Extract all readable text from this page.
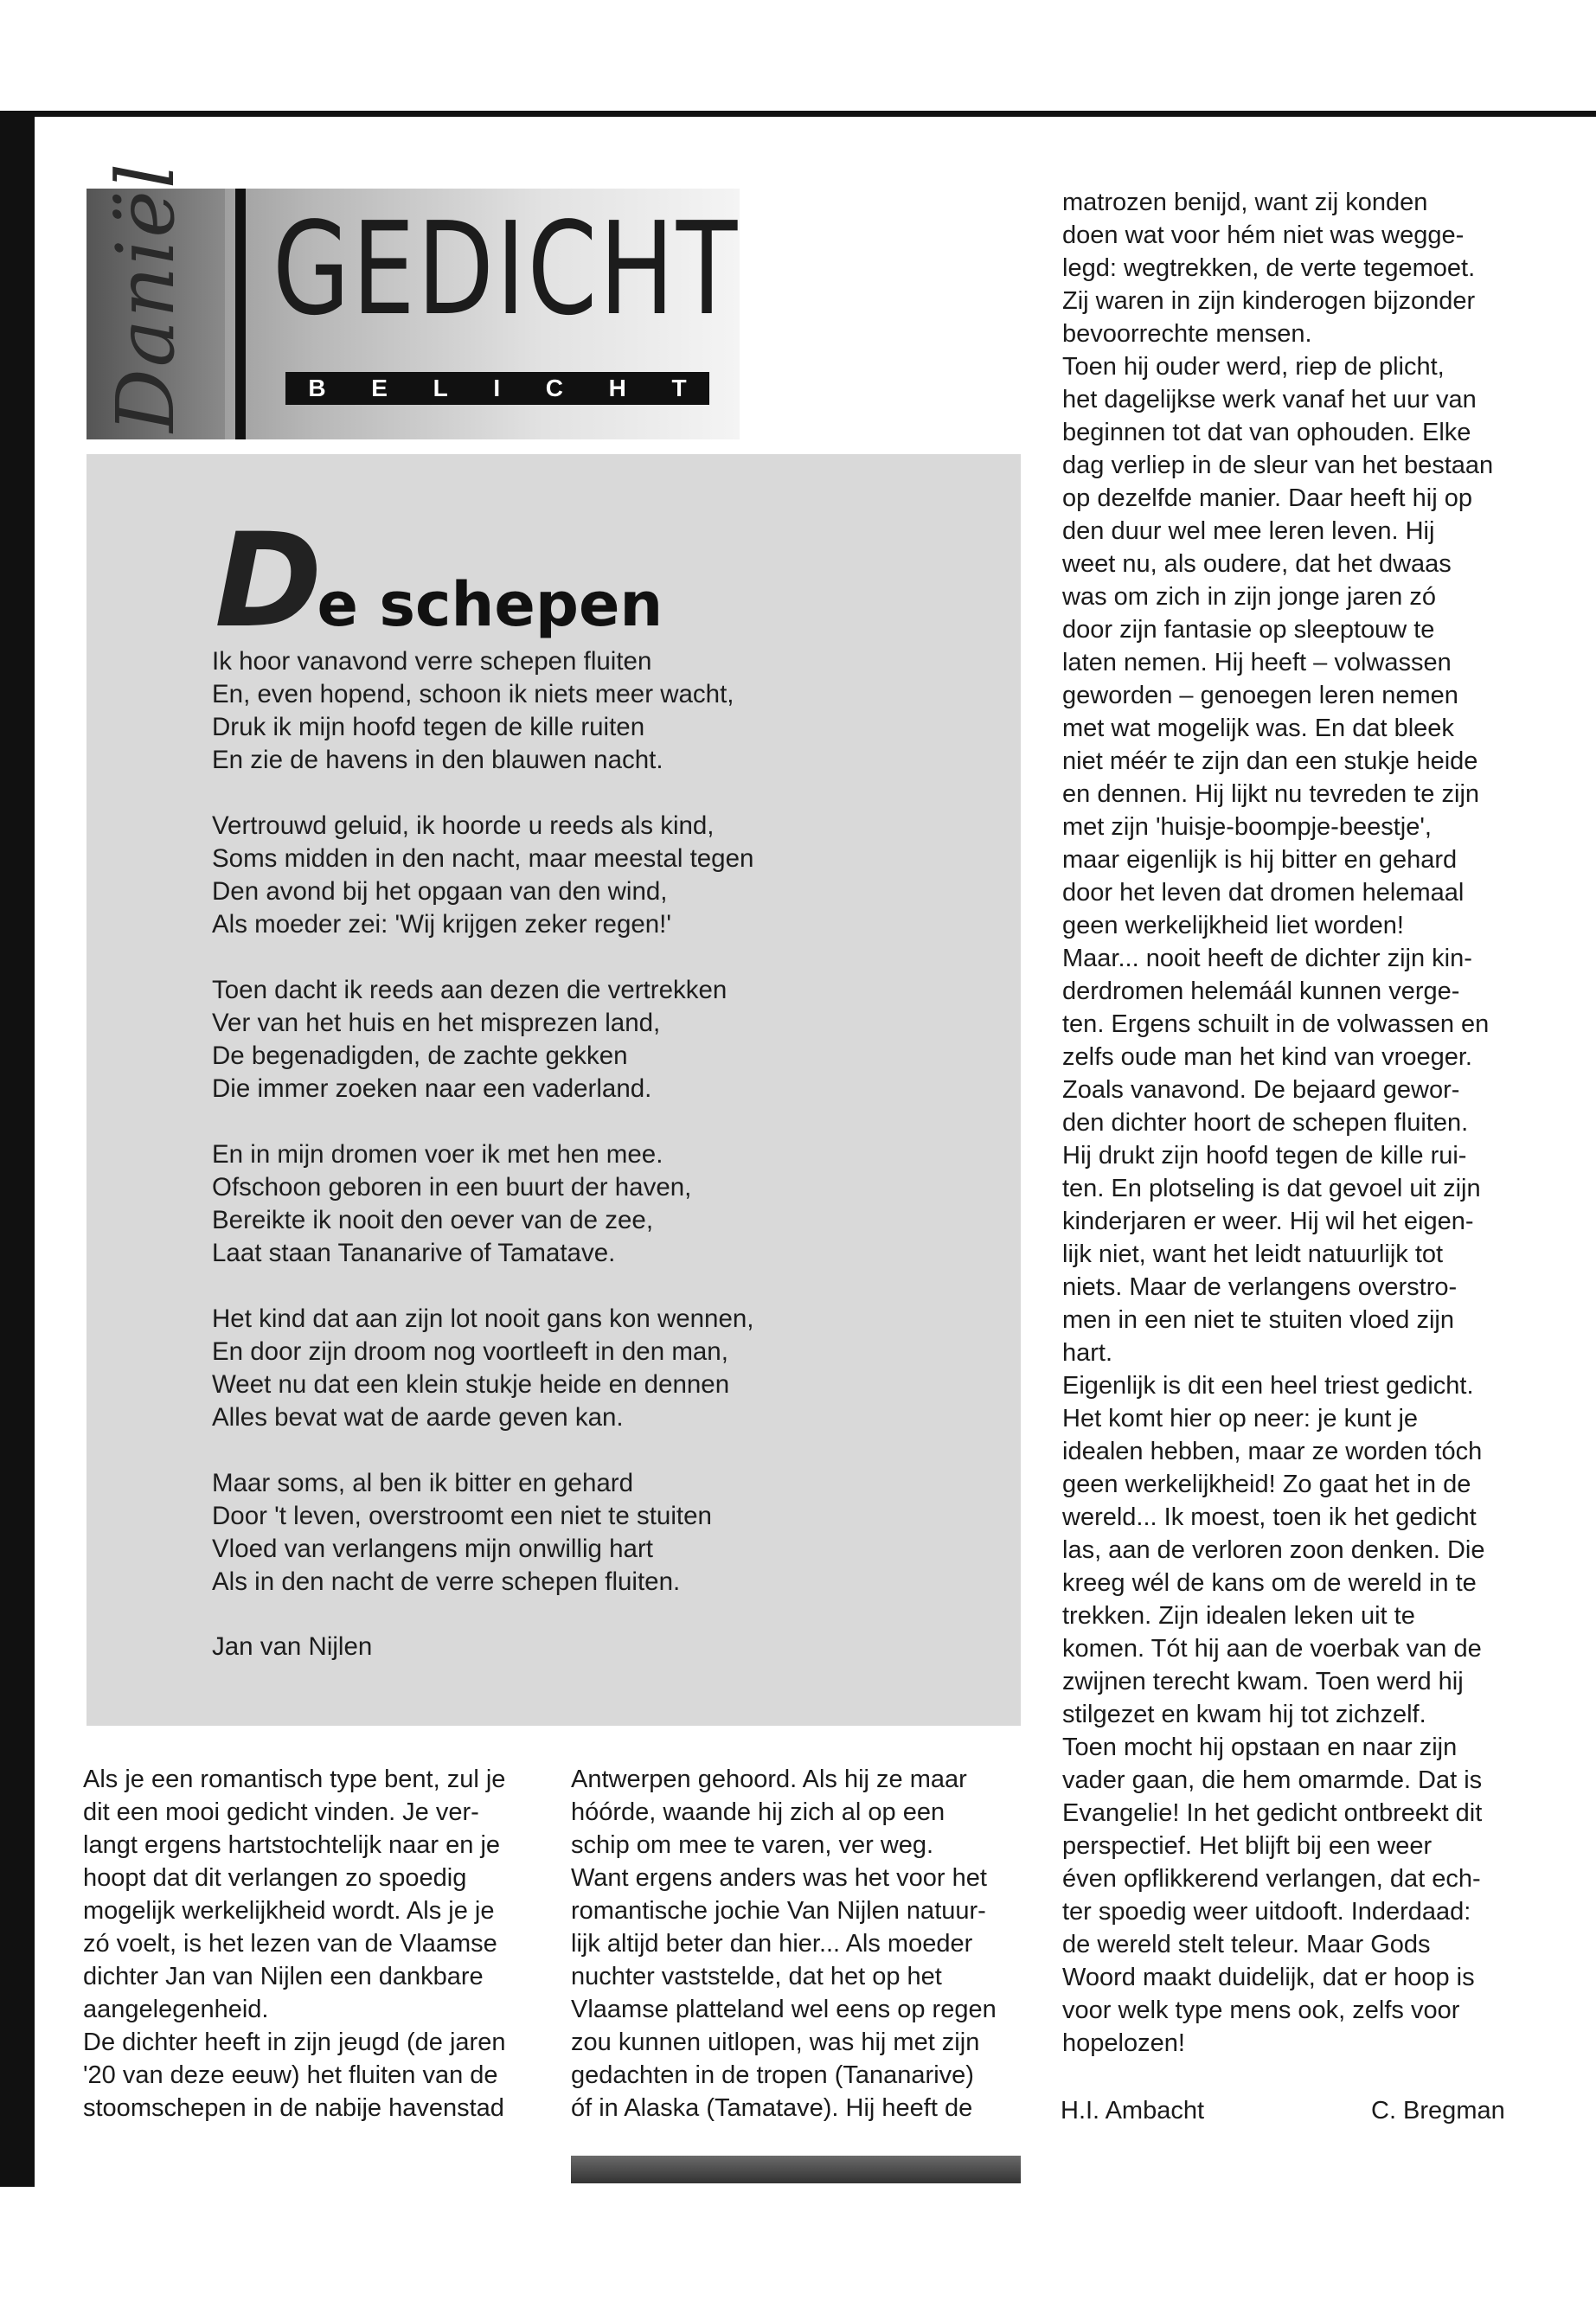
Daniël GEDICHT
B E L I C H T
De schepen
Ik hoor vanavond verre schepen fluiten
En, even hopend, schoon ik niets meer wacht,
Druk ik mijn hoofd tegen de kille ruiten
En zie de havens in den blauwen nacht.
Vertrouwd geluid, ik hoorde u reeds als kind,
Soms midden in den nacht, maar meestal tegen
Den avond bij het opgaan van den wind,
Als moeder zei: 'Wij krijgen zeker regen!'
Toen dacht ik reeds aan dezen die vertrekken
Ver van het huis en het misprezen land,
De begenadigden, de zachte gekken
Die immer zoeken naar een vaderland.
En in mijn dromen voer ik met hen mee.
Ofschoon geboren in een buurt der haven,
Bereikte ik nooit den oever van de zee,
Laat staan Tananarive of Tamatave.
Het kind dat aan zijn lot nooit gans kon wennen,
En door zijn droom nog voortleeft in den man,
Weet nu dat een klein stukje heide en dennen
Alles bevat wat de aarde geven kan.
Maar soms, al ben ik bitter en gehard
Door 't leven, overstroomt een niet te stuiten
Vloed van verlangens mijn onwillig hart
Als in den nacht de verre schepen fluiten.
Jan van Nijlen
Als je een romantisch type bent, zul je
dit een mooi gedicht vinden. Je ver-
langt ergens hartstochtelijk naar en je
hoopt dat dit verlangen zo spoedig
mogelijk werkelijkheid wordt. Als je je
zó voelt, is het lezen van de Vlaamse
dichter Jan van Nijlen een dankbare
aangelegenheid.
De dichter heeft in zijn jeugd (de jaren
'20 van deze eeuw) het fluiten van de
stoomschepen in de nabije havenstad
Antwerpen gehoord. Als hij ze maar
hóórde, waande hij zich al op een
schip om mee te varen, ver weg.
Want ergens anders was het voor het
romantische jochie Van Nijlen natuur-
lijk altijd beter dan hier... Als moeder
nuchter vaststelde, dat het op het
Vlaamse platteland wel eens op regen
zou kunnen uitlopen, was hij met zijn
gedachten in de tropen (Tananarive)
óf in Alaska (Tamatave). Hij heeft de
matrozen benijd, want zij konden
doen wat voor hém niet was wegge-
legd: wegtrekken, de verte tegemoet.
Zij waren in zijn kinderogen bijzonder
bevoorrechte mensen.
Toen hij ouder werd, riep de plicht,
het dagelijkse werk vanaf het uur van
beginnen tot dat van ophouden. Elke
dag verliep in de sleur van het bestaan
op dezelfde manier. Daar heeft hij op
den duur wel mee leren leven. Hij
weet nu, als oudere, dat het dwaas
was om zich in zijn jonge jaren zó
door zijn fantasie op sleeptouw te
laten nemen. Hij heeft – volwassen
geworden – genoegen leren nemen
met wat mogelijk was. En dat bleek
niet méér te zijn dan een stukje heide
en dennen. Hij lijkt nu tevreden te zijn
met zijn 'huisje-boompje-beestje',
maar eigenlijk is hij bitter en gehard
door het leven dat dromen helemaal
geen werkelijkheid liet worden!
Maar... nooit heeft de dichter zijn kin-
derdromen helemáál kunnen verge-
ten. Ergens schuilt in de volwassen en
zelfs oude man het kind van vroeger.
Zoals vanavond. De bejaard gewor-
den dichter hoort de schepen fluiten.
Hij drukt zijn hoofd tegen de kille rui-
ten. En plotseling is dat gevoel uit zijn
kinderjaren er weer. Hij wil het eigen-
lijk niet, want het leidt natuurlijk tot
niets. Maar de verlangens overstro-
men in een niet te stuiten vloed zijn
hart.
Eigenlijk is dit een heel triest gedicht.
Het komt hier op neer: je kunt je
idealen hebben, maar ze worden tóch
geen werkelijkheid! Zo gaat het in de
wereld... Ik moest, toen ik het gedicht
las, aan de verloren zoon denken. Die
kreeg wél de kans om de wereld in te
trekken. Zijn idealen leken uit te
komen. Tót hij aan de voerbak van de
zwijnen terecht kwam. Toen werd hij
stilgezet en kwam hij tot zichzelf.
Toen mocht hij opstaan en naar zijn
vader gaan, die hem omarmde. Dat is
Evangelie! In het gedicht ontbreekt dit
perspectief. Het blijft bij een weer
éven opflikkerend verlangen, dat ech-
ter spoedig weer uitdooft. Inderdaad:
de wereld stelt teleur. Maar Gods
Woord maakt duidelijk, dat er hoop is
voor welk type mens ook, zelfs voor
hopelozen!
H.I. Ambacht	C. Bregman
